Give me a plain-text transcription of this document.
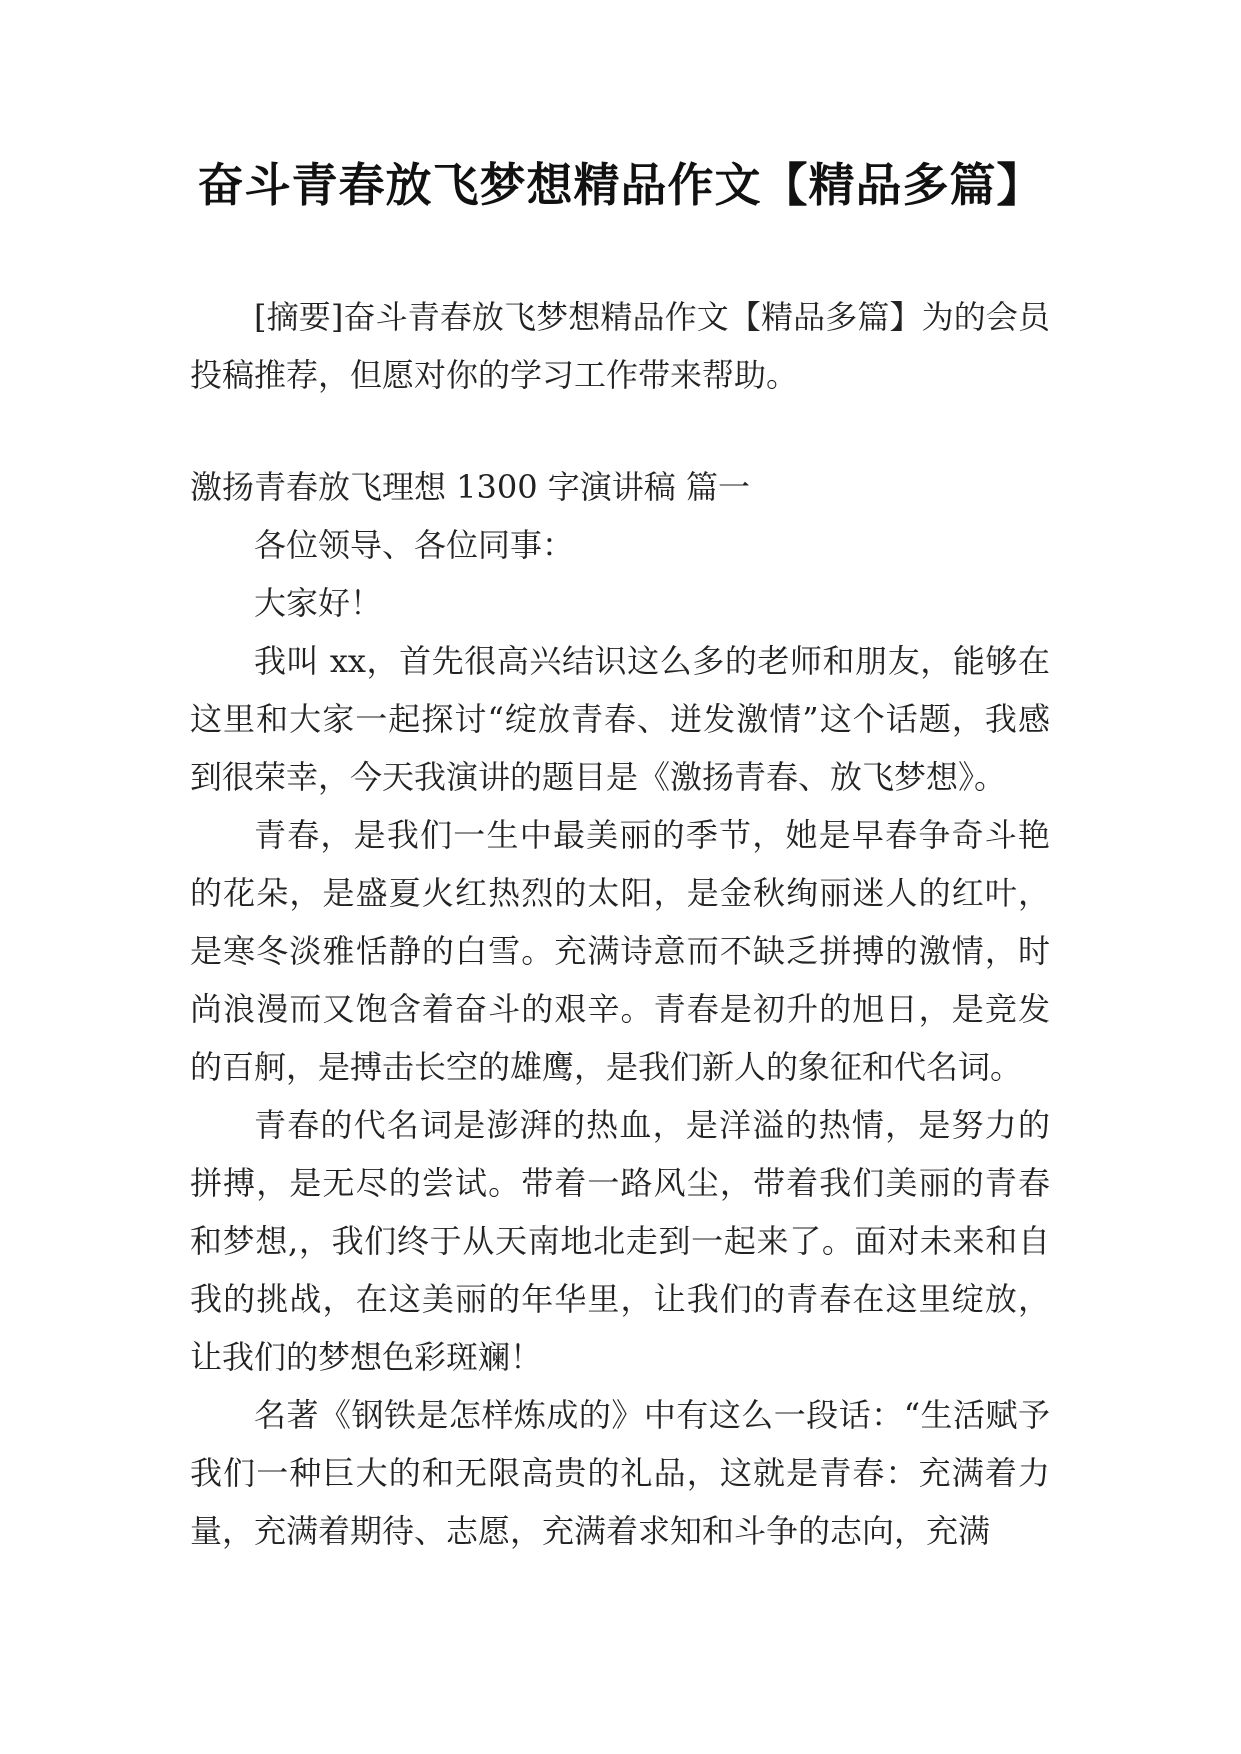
奋斗青春放飞梦想精品作文【精品多篇】

[摘要]奋斗青春放飞梦想精品作文【精品多篇】为的会员投稿推荐，但愿对你的学习工作带来帮助。

激扬青春放飞理想 1300 字演讲稿 篇一

各位领导、各位同事：

大家好！

我叫 xx，首先很高兴结识这么多的老师和朋友，能够在这里和大家一起探讨“绽放青春、迸发激情”这个话题，我感到很荣幸，今天我演讲的题目是《激扬青春、放飞梦想》。

青春，是我们一生中最美丽的季节，她是早春争奇斗艳的花朵，是盛夏火红热烈的太阳，是金秋绚丽迷人的红叶，是寒冬淡雅恬静的白雪。充满诗意而不缺乏拼搏的激情，时尚浪漫而又饱含着奋斗的艰辛。青春是初升的旭日，是竞发的百舸，是搏击长空的雄鹰，是我们新人的象征和代名词。

青春的代名词是澎湃的热血，是洋溢的热情，是努力的拼搏，是无尽的尝试。带着一路风尘，带着我们美丽的青春和梦想,，我们终于从天南地北走到一起来了。面对未来和自我的挑战，在这美丽的年华里，让我们的青春在这里绽放，让我们的梦想色彩斑斓！

名著《钢铁是怎样炼成的》中有这么一段话：“生活赋予我们一种巨大的和无限高贵的礼品，这就是青春：充满着力量，充满着期待、志愿，充满着求知和斗争的志向，充满
